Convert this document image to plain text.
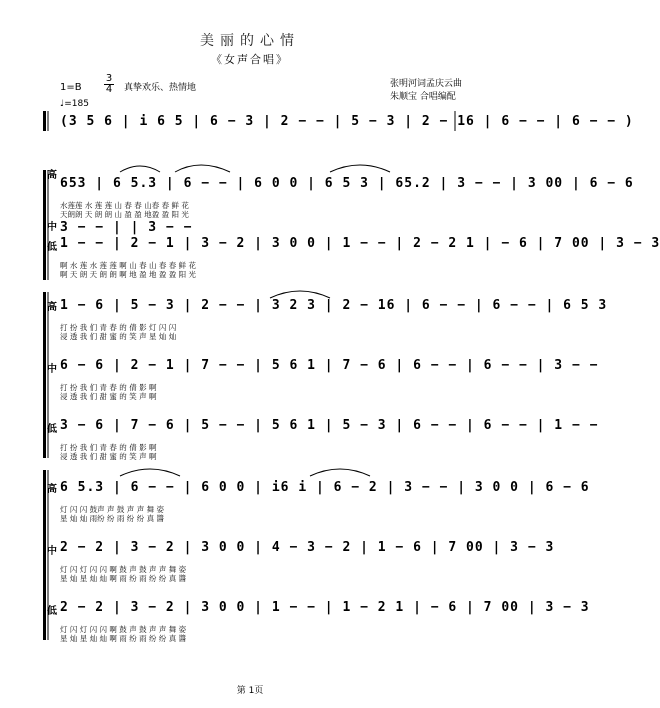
美丽的心情
《女声合唱》
$1=B \frac{3}{4}$ 真挚欢乐、热情地
♩=185
张明河词孟庆云曲
朱顺宝 合唱编配
(3 5 6 | i 6 5 | 6 − 3 | 2 − − | 5 − 3 | 2 − 16 | 6 − − | 6 − − )
高
653 | 6 5.3 | 6 − − | 6 0 0 | 6 5 3 | 65.2 | 3 − − | 3 00 | 6 − 6
水莲莲 水 莲 莲 山 春 春 山春 春 鲜 花
天朗朗 天 朗 朗 山 盈 盈 地盈 盈 阳 光
中 3 − − | | 3 − −
低 1 − − | 2 − 1 | 3 − 2 | 3 0 0 | 1 − − | 2 − 2 1 | − 6 | 7 00 | 3 − 3
啊 水 莲 水 莲 莲 啊 山 春 山 春 春 鲜 花
啊 天 朗 天 朗 朗 啊 地 盈 地 盈 盈 阳 光
高 1 − 6 | 5 − 3 | 2 − − | 3 2 3 | 2 − 16 | 6 − − | 6 − − | 6 5 3
打 扮 我 们 青 春 的 倩 影 灯 闪 闪
浸 透 我 们 甜 蜜 的 笑 声 星 灿 灿
中 6 − 6 | 2 − 1 | 7 − − | 5 6 1 | 7 − 6 | 6 − − | 6 − − | 3 − −
打 扮 我 们 青 春 的 倩 影 啊
浸 透 我 们 甜 蜜 的 笑 声 啊
低 3 − 6 | 7 − 6 | 5 − − | 5 6 1 | 5 − 3 | 6 − − | 6 − − | 1 − −
打 扮 我 们 青 春 的 倩 影 啊
浸 透 我 们 甜 蜜 的 笑 声 啊
高 6 5.3 | 6 − − | 6 0 0 | i6 i | 6 − 2 | 3 − − | 3 0 0 | 6 − 6
灯 闪 闪 鼓声 声 鼓 声 声 舞 姿
星 灿 灿 雨纷 纷 雨 纷 纷 真 醬
中 2 − 2 | 3 − 2 | 3 0 0 | 4 − 3 − 2 | 1 − 6 | 7 00 | 3 − 3
灯 闪 灯 闪 闪 啊 鼓 声 鼓 声 声 舞 姿
星 灿 星 灿 灿 啊 雨 纷 雨 纷 纷 真 醬
低 2 − 2 | 3 − 2 | 3 0 0 | 1 − − | 1 − 2 1 | − 6 | 7 00 | 3 − 3
灯 闪 灯 闪 闪 啊 鼓 声 鼓 声 声 舞 姿
星 灿 星 灿 灿 啊 雨 纷 雨 纷 纷 真 醬
第 1页
